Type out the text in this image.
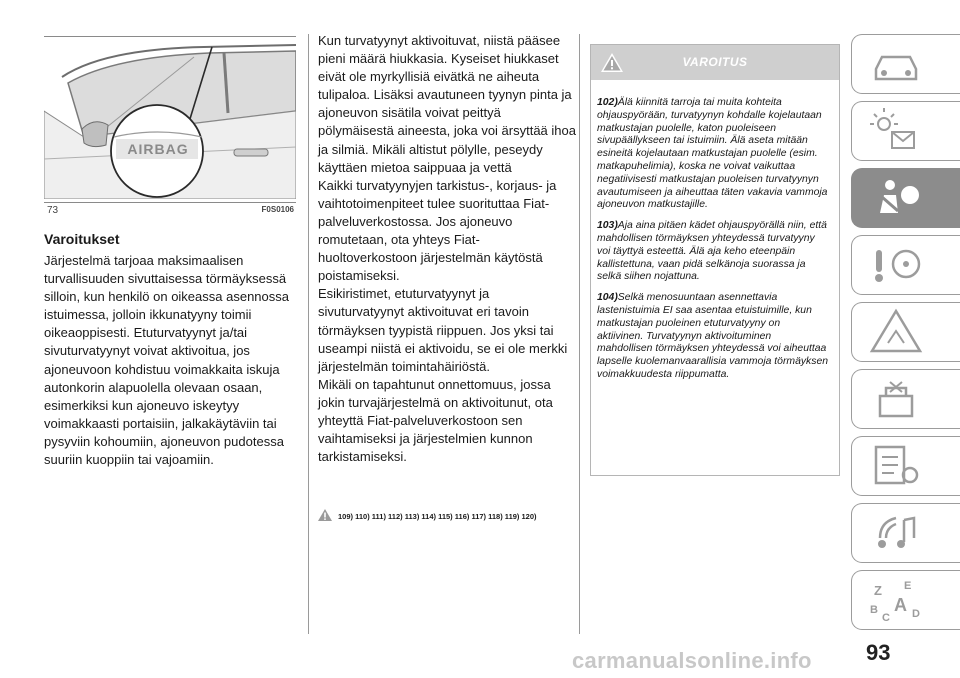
AIRBAG
73	F0S0106
Varoitukset
Järjestelmä tarjoaa maksimaalisen turvallisuuden sivuttaisessa törmäyksessä silloin, kun henkilö on oikeassa asennossa istuimessa, jolloin ikkunatyyny toimii oikeaoppisesti. Etuturvatyynyt ja/tai sivuturvatyynyt voivat aktivoitua, jos ajoneuvoon kohdistuu voimakkaita iskuja autonkorin alapuolella olevaan osaan, esimerkiksi kun ajoneuvo iskeytyy voimakkaasti portaisiin, jalkakäytäviin tai pysyviin kohoumiin, ajoneuvon pudotessa suuriin kuoppiin tai vajoamiin.
Kun turvatyynyt aktivoituvat, niistä pääsee pieni määrä hiukkasia. Kyseiset hiukkaset eivät ole myrkyllisiä eivätkä ne aiheuta tulipaloa. Lisäksi avautuneen tyynyn pinta ja ajoneuvon sisätila voivat peittyä pölymäisestä aineesta, joka voi ärsyttää ihoa ja silmiä. Mikäli altistut pölylle, peseydy käyttäen mietoa saippuaa ja vettä
Kaikki turvatyynyjen tarkistus-, korjaus- ja vaihtotoimenpiteet tulee suorituttaa Fiat-palveluverkostossa. Jos ajoneuvo romutetaan, ota yhteys Fiat-huoltoverkostoon järjestelmän käytöstä poistamiseksi.
Esikiristimet, etuturvatyynyt ja sivuturvatyynyt aktivoituvat eri tavoin törmäyksen tyypistä riippuen. Jos yksi tai useampi niistä ei aktivoidu, se ei ole merkki järjestelmän toimintahäiriöstä.
Mikäli on tapahtunut onnettomuus, jossa jokin turvajärjestelmä on aktivoitunut, ota yhteyttä Fiat-palveluverkostoon sen vaihtamiseksi ja järjestelmien kunnon tarkistamiseksi.
109) 110) 111) 112) 113) 114) 115) 116) 117) 118) 119) 120)
VAROITUS

102)Älä kiinnitä tarroja tai muita kohteita ohjauspyörään, turvatyynyn kohdalle kojelautaan matkustajan puolelle, katon puoleiseen sivupäällykseen tai istuimiin. Älä aseta mitään esineitä kojelautaan matkustajan puolelle (esim. matkapuhelimia), koska ne voivat vaikuttaa negatiivisesti matkustajan puoleisen turvatyynyn avautumiseen ja aiheuttaa täten vakavia vammoja ajoneuvon matkustajille.

103)Aja aina pitäen kädet ohjauspyörällä niin, että mahdollisen törmäyksen yhteydessä turvatyyny voi täyttyä esteettä. Älä aja keho eteenpäin kallistettuna, vaan pidä selkänoja suorassa ja selkä siihen nojattuna.

104)Selkä menosuuntaan asennettavia lastenistuimia EI saa asentaa etuistuimille, kun matkustajan puoleinen etuturvatyyny on aktiivinen. Turvatyynyn aktivoituminen mahdollisen törmäyksen yhteydessä voi aiheuttaa lapselle kuolemanvaarallisia vammoja törmäyksen voimakkuudesta riippumatta.

Z E
A
B
C D
carmanualsonline.info 93
